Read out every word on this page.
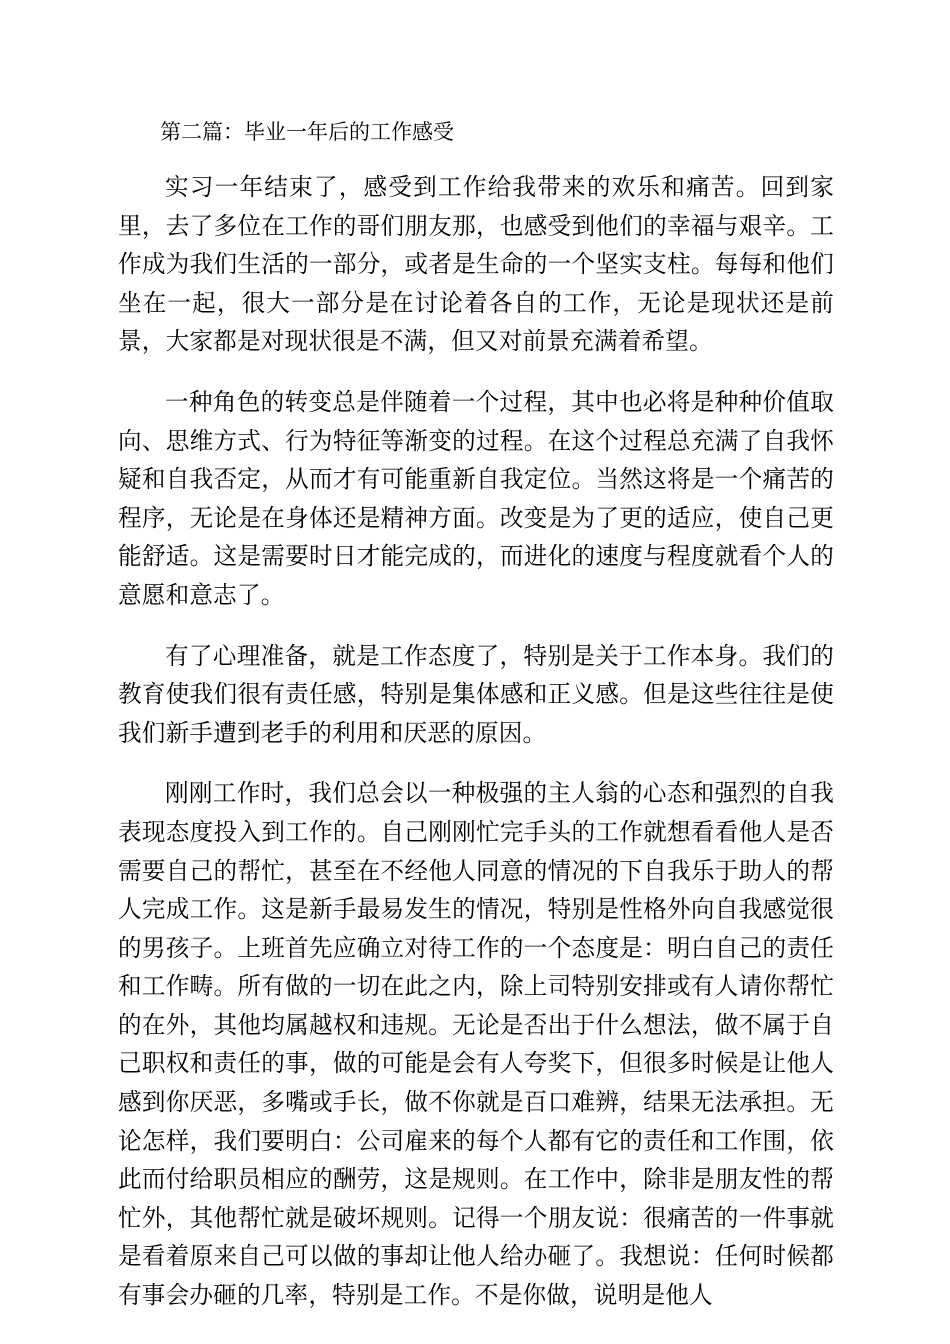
第二篇：毕业一年后的工作感受

实习一年结束了，感受到工作给我带来的欢乐和痛苦。回到家里，去了多位在工作的哥们朋友那，也感受到他们的幸福与艰辛。工作成为我们生活的一部分，或者是生命的一个坚实支柱。每每和他们坐在一起，很大一部分是在讨论着各自的工作，无论是现状还是前景，大家都是对现状很是不满，但又对前景充满着希望。

一种角色的转变总是伴随着一个过程，其中也必将是种种价值取向、思维方式、行为特征等渐变的过程。在这个过程总充满了自我怀疑和自我否定，从而才有可能重新自我定位。当然这将是一个痛苦的程序，无论是在身体还是精神方面。改变是为了更的适应，使自己更能舒适。这是需要时日才能完成的，而进化的速度与程度就看个人的意愿和意志了。

有了心理准备，就是工作态度了，特别是关于工作本身。我们的教育使我们很有责任感，特别是集体感和正义感。但是这些往往是使我们新手遭到老手的利用和厌恶的原因。

刚刚工作时，我们总会以一种极强的主人翁的心态和强烈的自我表现态度投入到工作的。自己刚刚忙完手头的工作就想看看他人是否需要自己的帮忙，甚至在不经他人同意的情况的下自我乐于助人的帮人完成工作。这是新手最易发生的情况，特别是性格外向自我感觉很的男孩子。上班首先应确立对待工作的一个态度是：明白自己的责任和工作畴。所有做的一切在此之内，除上司特别安排或有人请你帮忙的在外，其他均属越权和违规。无论是否出于什么想法，做不属于自己职权和责任的事，做的可能是会有人夸奖下，但很多时候是让他人感到你厌恶，多嘴或手长，做不你就是百口难辨，结果无法承担。无论怎样，我们要明白：公司雇来的每个人都有它的责任和工作围，依此而付给职员相应的酬劳，这是规则。在工作中，除非是朋友性的帮忙外，其他帮忙就是破坏规则。记得一个朋友说：很痛苦的一件事就是看着原来自己可以做的事却让他人给办砸了。我想说：任何时候都有事会办砸的几率，特别是工作。不是你做，说明是他人
